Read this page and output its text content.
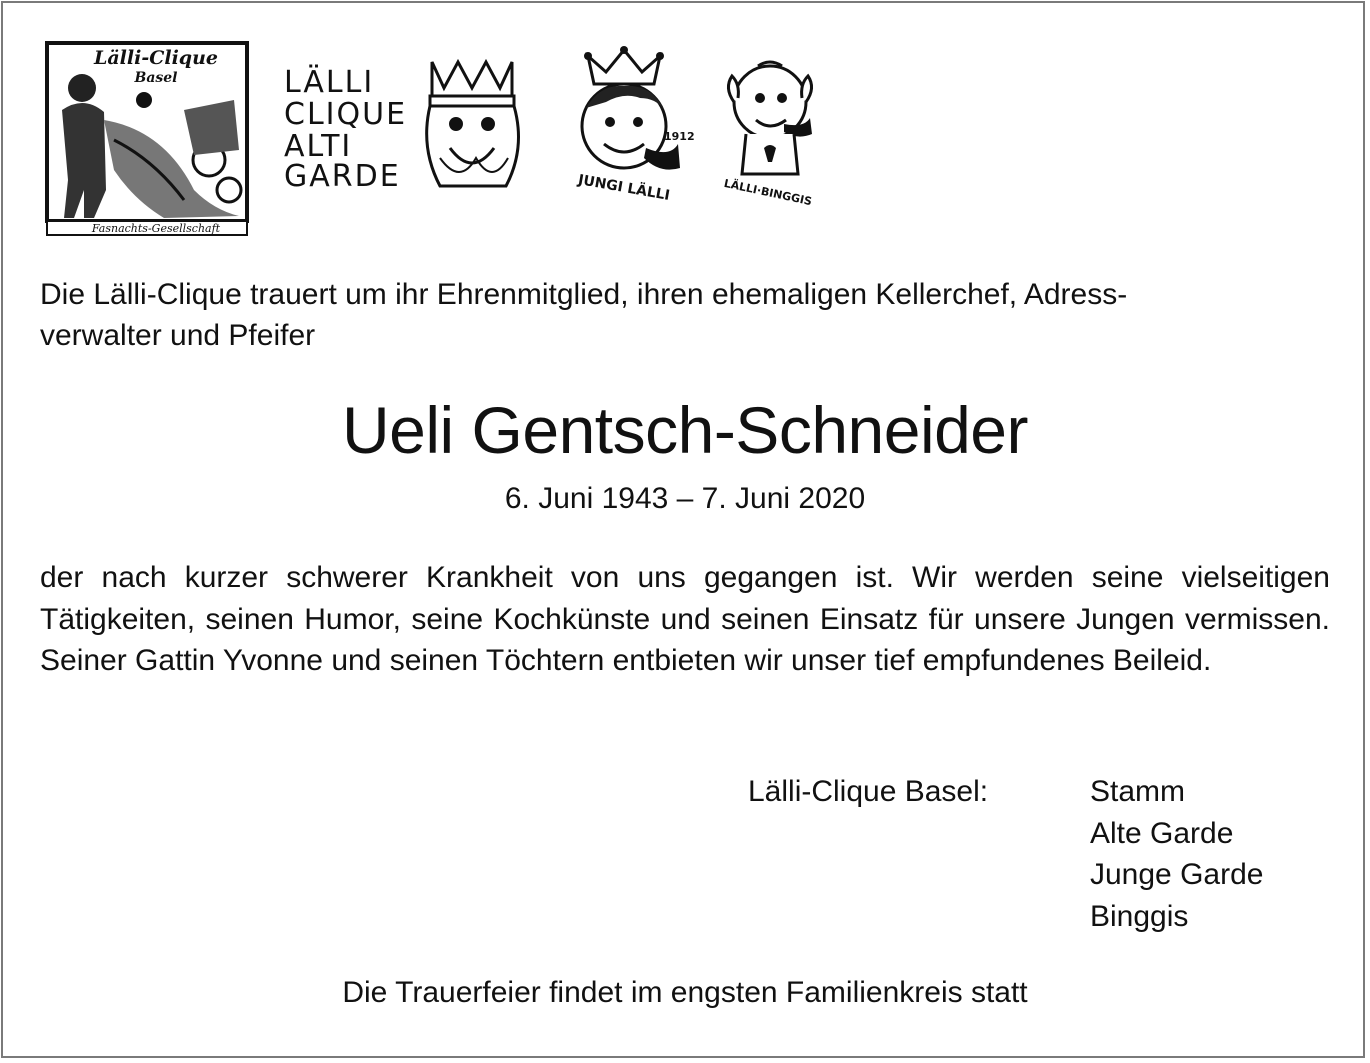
Lälli-Clique
Basel
Fasnachts-Gesellschaft
LÄLLI
CLIQUE
ALTI
GARDE
1912
JUNGI LÄLLI	LÄLLI·BINGGIS

Die Lälli-Clique trauert um ihr Ehrenmitglied, ihren ehemaligen Kellerchef, Adress-
verwalter und Pfeifer

Ueli Gentsch-Schneider

6. Juni 1943 – 7. Juni 2020

der nach kurzer schwerer Krankheit von uns gegangen ist. Wir werden seine vielseitigen Tätigkeiten, seinen Humor, seine Kochkünste und seinen Einsatz für unsere Jungen vermissen. Seiner Gattin Yvonne und seinen Töchtern entbieten wir unser tief empfundenes Beileid.

Lälli-Clique Basel:	Stamm
Alte Garde
Junge Garde
Binggis

Die Trauerfeier findet im engsten Familienkreis statt
